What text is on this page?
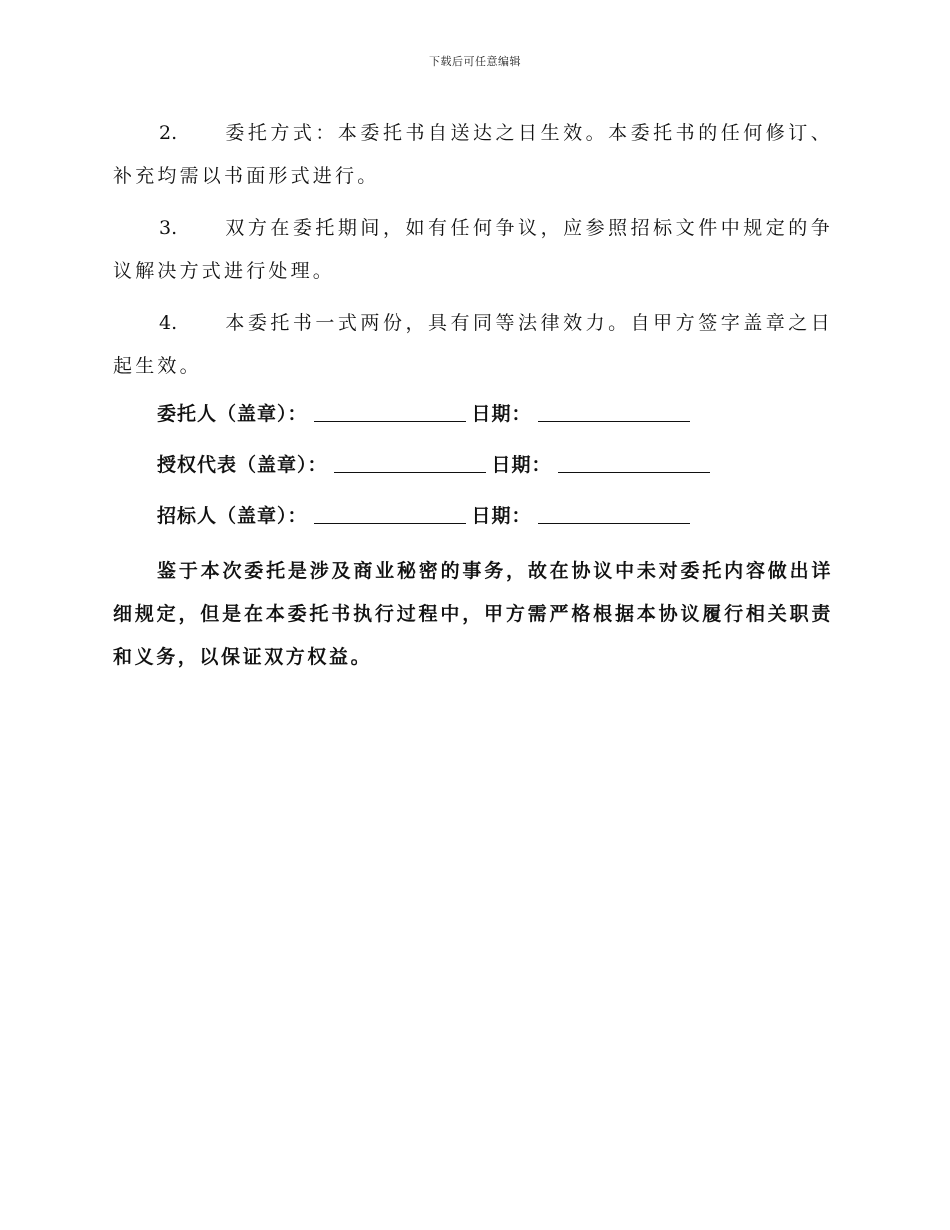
下载后可任意编辑

2.	委托方式：本委托书自送达之日生效。本委托书的任何修订、补充均需以书面形式进行。

3.	双方在委托期间，如有任何争议，应参照招标文件中规定的争议解决方式进行处理。

4.	本委托书一式两份，具有同等法律效力。自甲方签字盖章之日起生效。

委托人（盖章）：	日期：
授权代表（盖章）：	日期：
招标人（盖章）：	日期：

鉴于本次委托是涉及商业秘密的事务，故在协议中未对委托内容做出详细规定，但是在本委托书执行过程中，甲方需严格根据本协议履行相关职责和义务，以保证双方权益。
